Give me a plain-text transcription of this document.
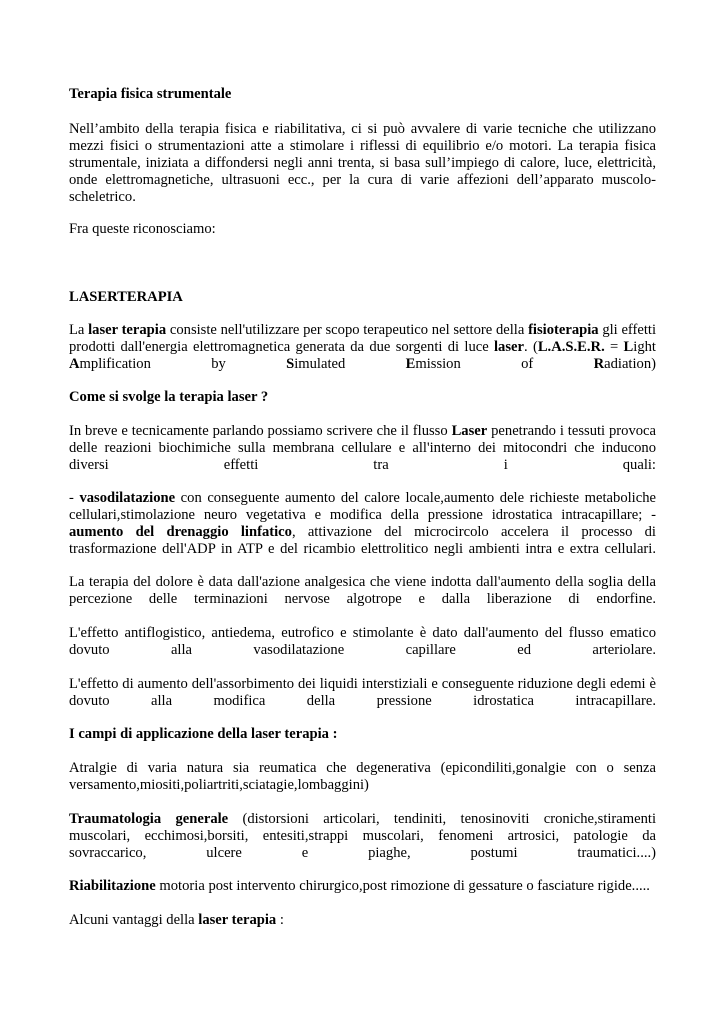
Terapia fisica strumentale

Nell’ambito della terapia fisica e riabilitativa, ci si può avvalere di varie tecniche che utilizzano mezzi fisici o strumentazioni atte a stimolare i riflessi di equilibrio e/o motori. La terapia fisica strumentale, iniziata a diffondersi negli anni trenta, si basa sull’impiego di calore, luce, elettricità, onde elettromagnetiche, ultrasuoni ecc., per la cura di varie affezioni dell’apparato muscolo-scheletrico.

Fra queste riconosciamo:

LASERTERAPIA

La laser terapia consiste nell'utilizzare per scopo terapeutico nel settore della fisioterapia gli effetti prodotti dall'energia elettromagnetica generata da due sorgenti di luce laser. (L.A.S.E.R. = Light Amplification by Simulated Emission of Radiation)

Come si svolge la terapia laser ?

In breve e tecnicamente parlando possiamo scrivere che il flusso Laser penetrando i tessuti provoca delle reazioni biochimiche sulla membrana cellulare e all'interno dei mitocondri che inducono diversi effetti tra i quali:

- vasodilatazione con conseguente aumento del calore locale,aumento dele richieste metaboliche cellulari,stimolazione neuro vegetativa e modifica della pressione idrostatica intracapillare; - aumento del drenaggio linfatico, attivazione del microcircolo accelera il processo di trasformazione dell'ADP in ATP e del ricambio elettrolitico negli ambienti intra e extra cellulari.

La terapia del dolore è data dall'azione analgesica che viene indotta dall'aumento della soglia della percezione delle terminazioni nervose algotrope e dalla liberazione di endorfine.

L'effetto antiflogistico, antiedema, eutrofico e stimolante è dato dall'aumento del flusso ematico dovuto alla vasodilatazione capillare ed arteriolare.

L'effetto di aumento dell'assorbimento dei liquidi interstiziali e conseguente riduzione degli edemi è dovuto alla modifica della pressione idrostatica intracapillare.

I campi di applicazione della laser terapia :

Atralgie di varia natura sia reumatica che degenerativa (epicondiliti,gonalgie con o senza versamento,miositi,poliartriti,sciatagie,lombaggini)

Traumatologia generale (distorsioni articolari, tendiniti, tenosinoviti croniche,stiramenti muscolari, ecchimosi,borsiti, entesiti,strappi muscolari, fenomeni artrosici, patologie da sovraccarico, ulcere e piaghe, postumi traumatici....)

Riabilitazione motoria post intervento chirurgico,post rimozione di gessature o fasciature rigide.....

Alcuni vantaggi della laser terapia :
